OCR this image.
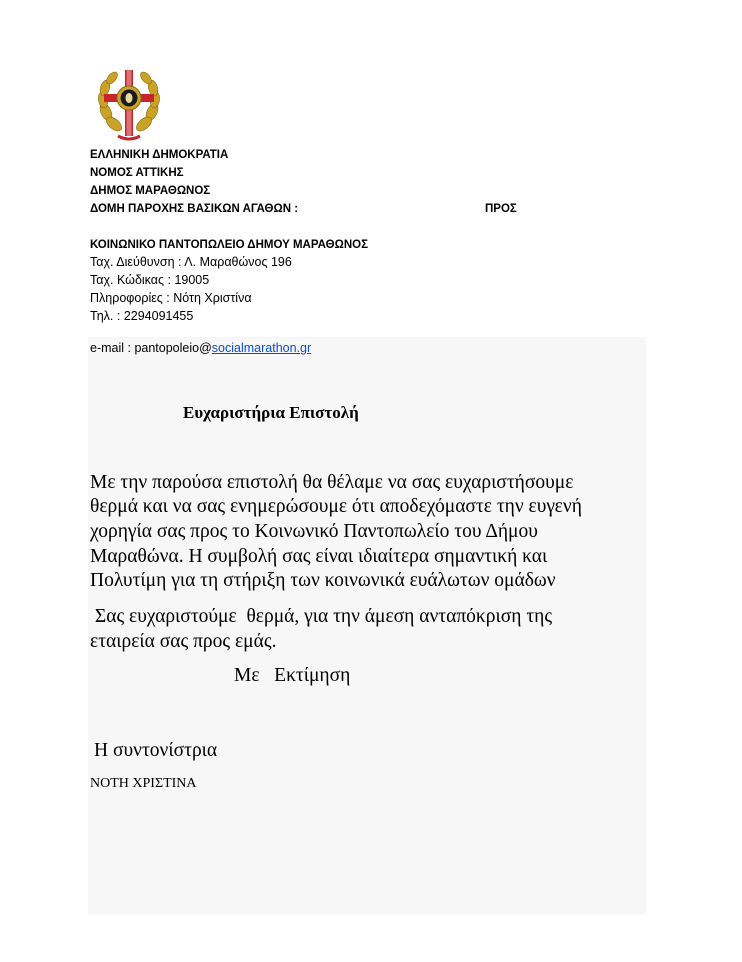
ΕΛΛΗΝΙΚΗ ΔΗΜΟΚΡΑΤΙΑ
ΝΟΜΟΣ ΑΤΤΙΚΗΣ
ΔΗΜΟΣ ΜΑΡΑΘΩΝΟΣ
ΔΟΜΗ ΠΑΡΟΧΗΣ ΒΑΣΙΚΩΝ ΑΓΑΘΩΝ :	ΠΡΟΣ
ΚΟΙΝΩΝΙΚΟ ΠΑΝΤΟΠΩΛΕΙΟ ΔΗΜΟΥ ΜΑΡΑΘΩΝΟΣ
Ταχ. Διεύθυνση : Λ. Μαραθώνος 196
Ταχ. Κώδικας : 19005
Πληροφορίες : Νότη Χριστίνα
Τηλ. : 2294091455
e-mail : pantopoleio@socialmarathon.gr
Ευχαριστήρια Επιστολή
Με την παρούσα επιστολή θα θέλαμε να σας ευχαριστήσουμε
θερμά και να σας ενημερώσουμε ότι αποδεχόμαστε την ευγενή
χορηγία σας προς το Κοινωνικό Παντοπωλείο του Δήμου
Μαραθώνα. Η συμβολή σας είναι ιδιαίτερα σημαντική και
Πολυτίμη για τη στήριξη των κοινωνικά ευάλωτων ομάδων
Σας ευχαριστούμε  θερμά, για την άμεση ανταπόκριση της
εταιρεία σας προς εμάς.
Με   Εκτίμηση
Η συντονίστρια
ΝΟΤΗ ΧΡΙΣΤΙΝΑ
